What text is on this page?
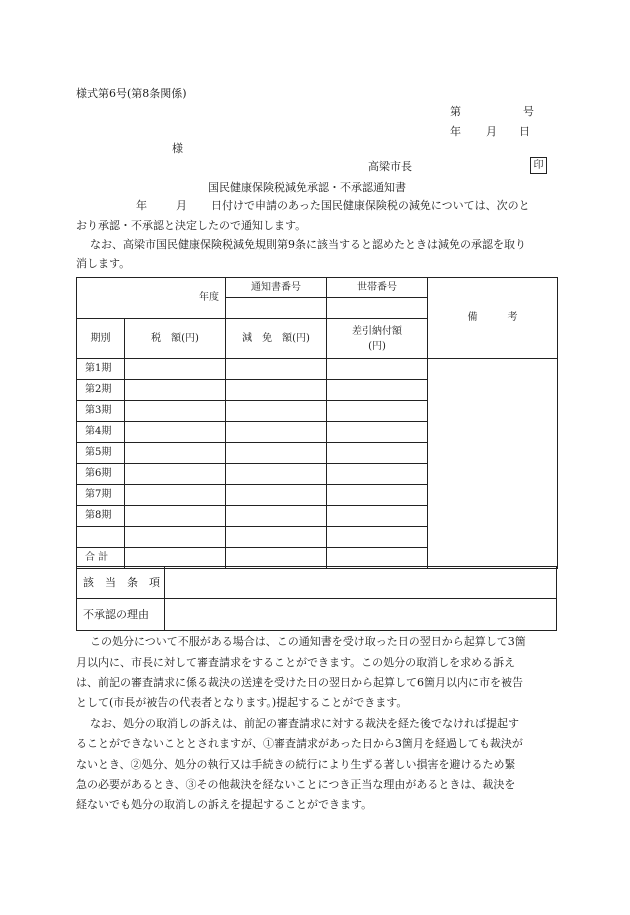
様式第6号(第8条関係)
第	号
年 月 日
様
高梁市長	印
国民健康保険税減免承認・不承認通知書
年	月 日付けで申請のあった国民健康保険税の減免については、次のと
おり承認・不承認と決定したので通知します。
なお、高梁市国民健康保険税減免規則第9条に該当すると認めたときは減免の承認を取り
消します。
年度		通知書番号	世帯番号	備　　　考

期別	税　額(円)	減　免　額(円)	差引納付額
(円)	
第1期				
第2期				
第3期				
第4期				
第5期				
第6期				
第7期				
第8期				

合 計				
該　当　条　項	
不承認の理由	
この処分について不服がある場合は、この通知書を受け取った日の翌日から起算して3箇
月以内に、市長に対して審査請求をすることができます。この処分の取消しを求める訴え
は、前記の審査請求に係る裁決の送達を受けた日の翌日から起算して6箇月以内に市を被告
として(市長が被告の代表者となります。)提起することができます。
なお、処分の取消しの訴えは、前記の審査請求に対する裁決を経た後でなければ提起す
ることができないこととされますが、①審査請求があった日から3箇月を経過しても裁決が
ないとき、②処分、処分の執行又は手続きの続行により生ずる著しい損害を避けるため緊
急の必要があるとき、③その他裁決を経ないことにつき正当な理由があるときは、裁決を
経ないでも処分の取消しの訴えを提起することができます。
